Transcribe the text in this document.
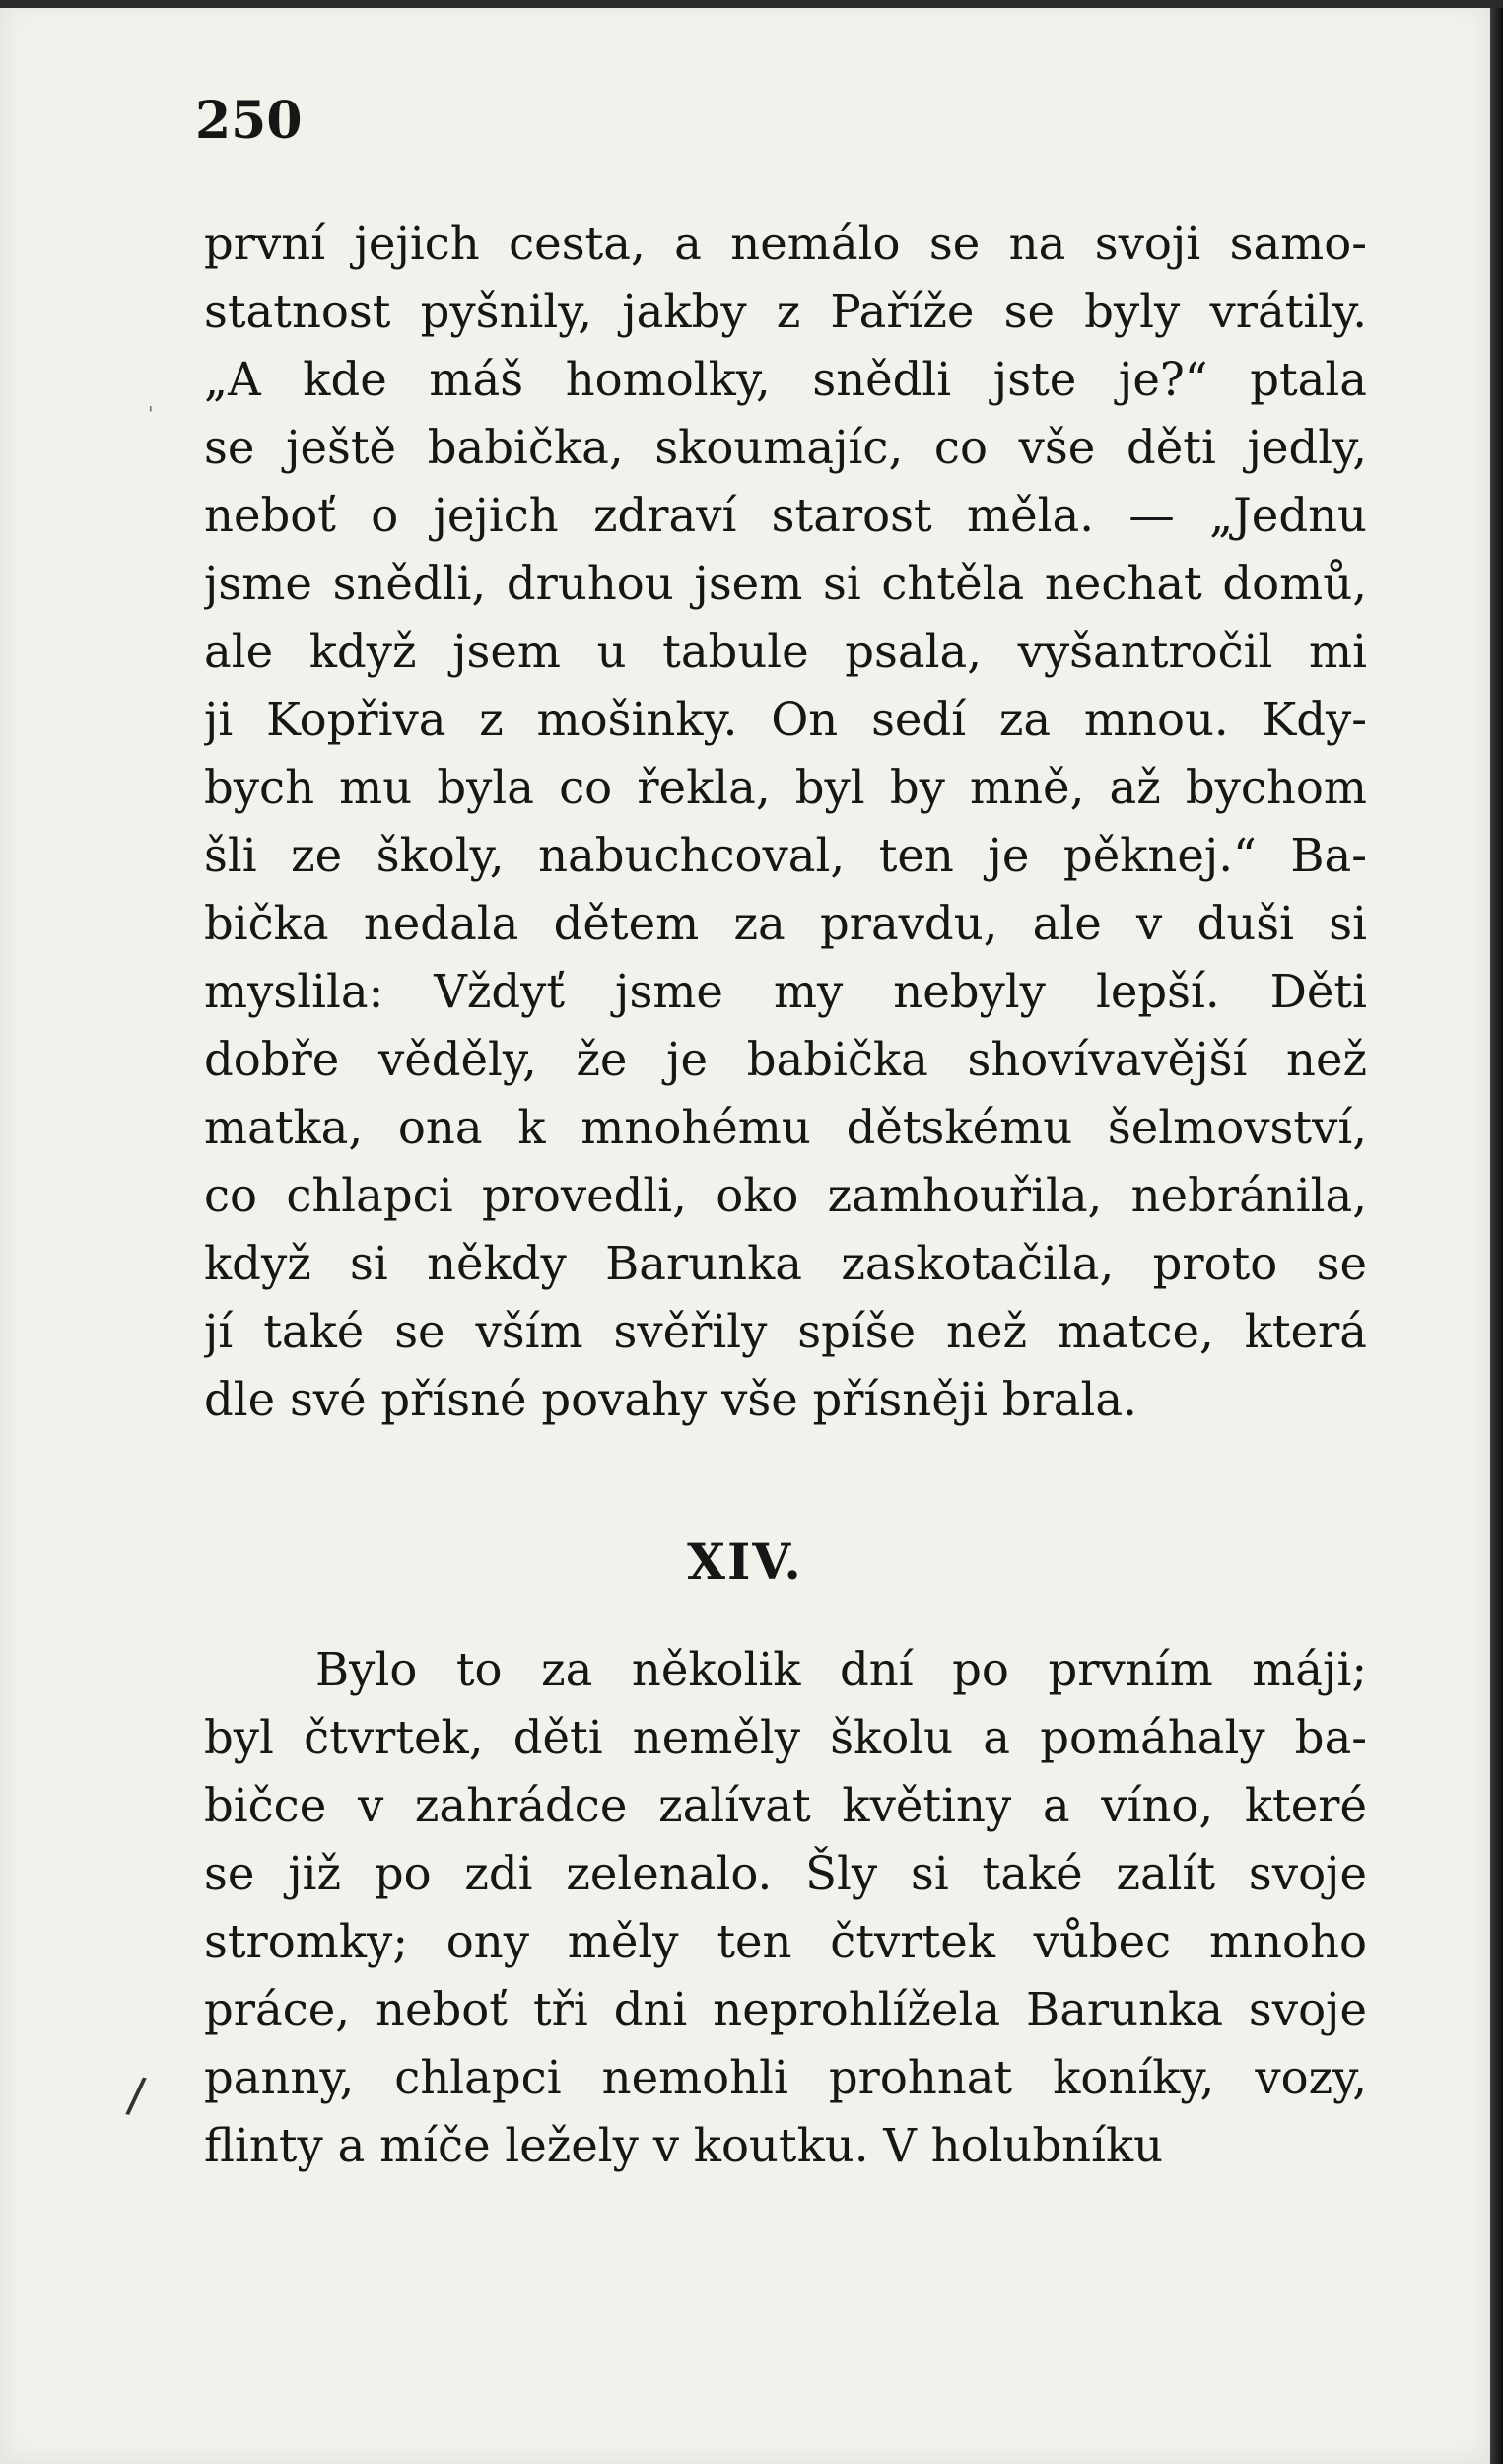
250
první jejich cesta, a nemálo se na svoji samo-
statnost pyšnily, jakby z Paříže se byly vrátily.
„A kde máš homolky, snědli jste je?“ ptala
se ještě babička, skoumajíc, co vše děti jedly,
neboť o jejich zdraví starost měla. — „Jednu
jsme snědli, druhou jsem si chtěla nechat domů,
ale když jsem u tabule psala, vyšantročil mi
ji Kopřiva z mošinky. On sedí za mnou. Kdy-
bych mu byla co řekla, byl by mně, až bychom
šli ze školy, nabuchcoval, ten je pěknej.“ Ba-
bička nedala dětem za pravdu, ale v duši si
myslila: Vždyť jsme my nebyly lepší. Děti
dobře věděly, že je babička shovívavější než
matka, ona k mnohému dětskému šelmovství,
co chlapci provedli, oko zamhouřila, nebránila,
když si někdy Barunka zaskotačila, proto se
jí také se vším svěřily spíše než matce, která
dle své přísné povahy vše přísněji brala.
XIV.
Bylo to za několik dní po prvním máji;
byl čtvrtek, děti neměly školu a pomáhaly ba-
bičce v zahrádce zalívat květiny a víno, které
se již po zdi zelenalo. Šly si také zalít svoje
stromky; ony měly ten čtvrtek vůbec mnoho
práce, neboť tři dni neprohlížela Barunka svoje
panny, chlapci nemohli prohnat koníky, vozy,
flinty a míče ležely v koutku. V holubníku
/
'
